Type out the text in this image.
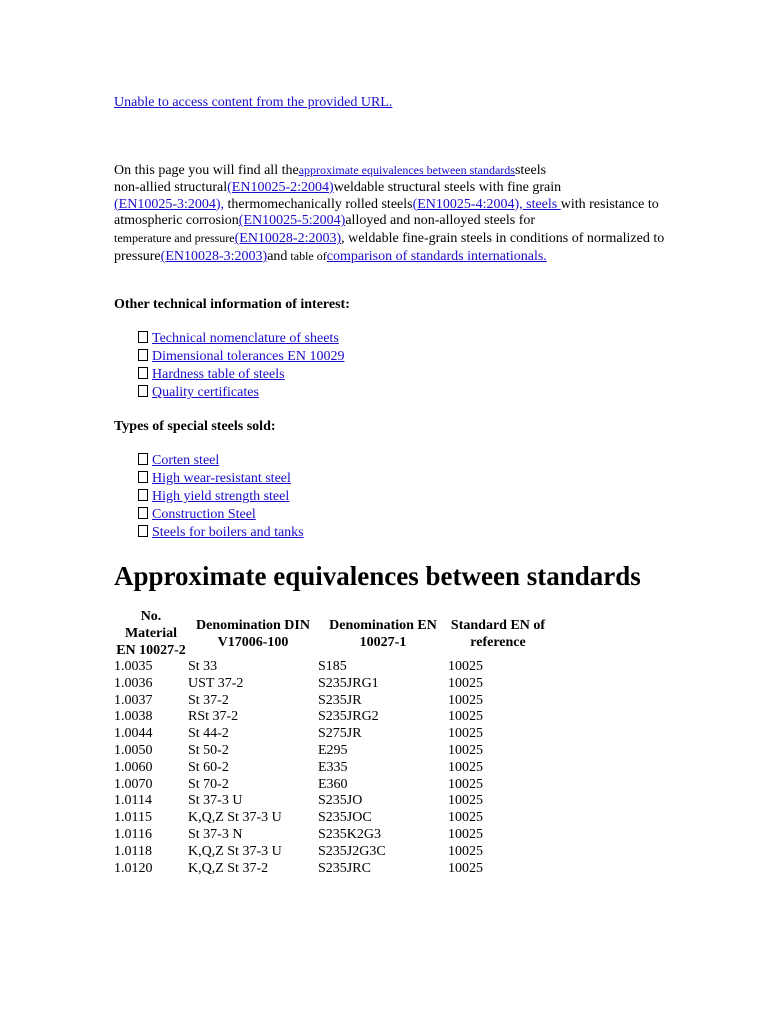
Unable to access content from the provided URL.
On this page you will find all theapproximate equivalences between standardssteels
non-allied structural(EN10025-2:2004)weldable structural steels with fine grain
(EN10025-3:2004), thermomechanically rolled steels(EN10025-4:2004), steels with resistance to atmospheric corrosion(EN10025-5:2004)alloyed and non-alloyed steels for
temperature and pressure(EN10028-2:2003), weldable fine-grain steels in conditions of normalized to pressure(EN10028-3:2003)and table ofcomparison of standards internationals.
Other technical information of interest:
Technical nomenclature of sheets
Dimensional tolerances EN 10029
Hardness table of steels
Quality certificates
Types of special steels sold:
Corten steel
High wear-resistant steel
High yield strength steel
Construction Steel
Steels for boilers and tanks
Approximate equivalences between standards
No. Material EN 10027-2	Denomination DIN V17006-100	Denomination EN 10027-1	Standard EN of reference
1.0035	St 33	S185	10025
1.0036	UST 37-2	S235JRG1	10025
1.0037	St 37-2	S235JR	10025
1.0038	RSt 37-2	S235JRG2	10025
1.0044	St 44-2	S275JR	10025
1.0050	St 50-2	E295	10025
1.0060	St 60-2	E335	10025
1.0070	St 70-2	E360	10025
1.0114	St 37-3 U	S235JO	10025
1.0115	K,Q,Z St 37-3 U	S235JOC	10025
1.0116	St 37-3 N	S235K2G3	10025
1.0118	K,Q,Z St 37-3 U	S235J2G3C	10025
1.0120	K,Q,Z St 37-2	S235JRC	10025
